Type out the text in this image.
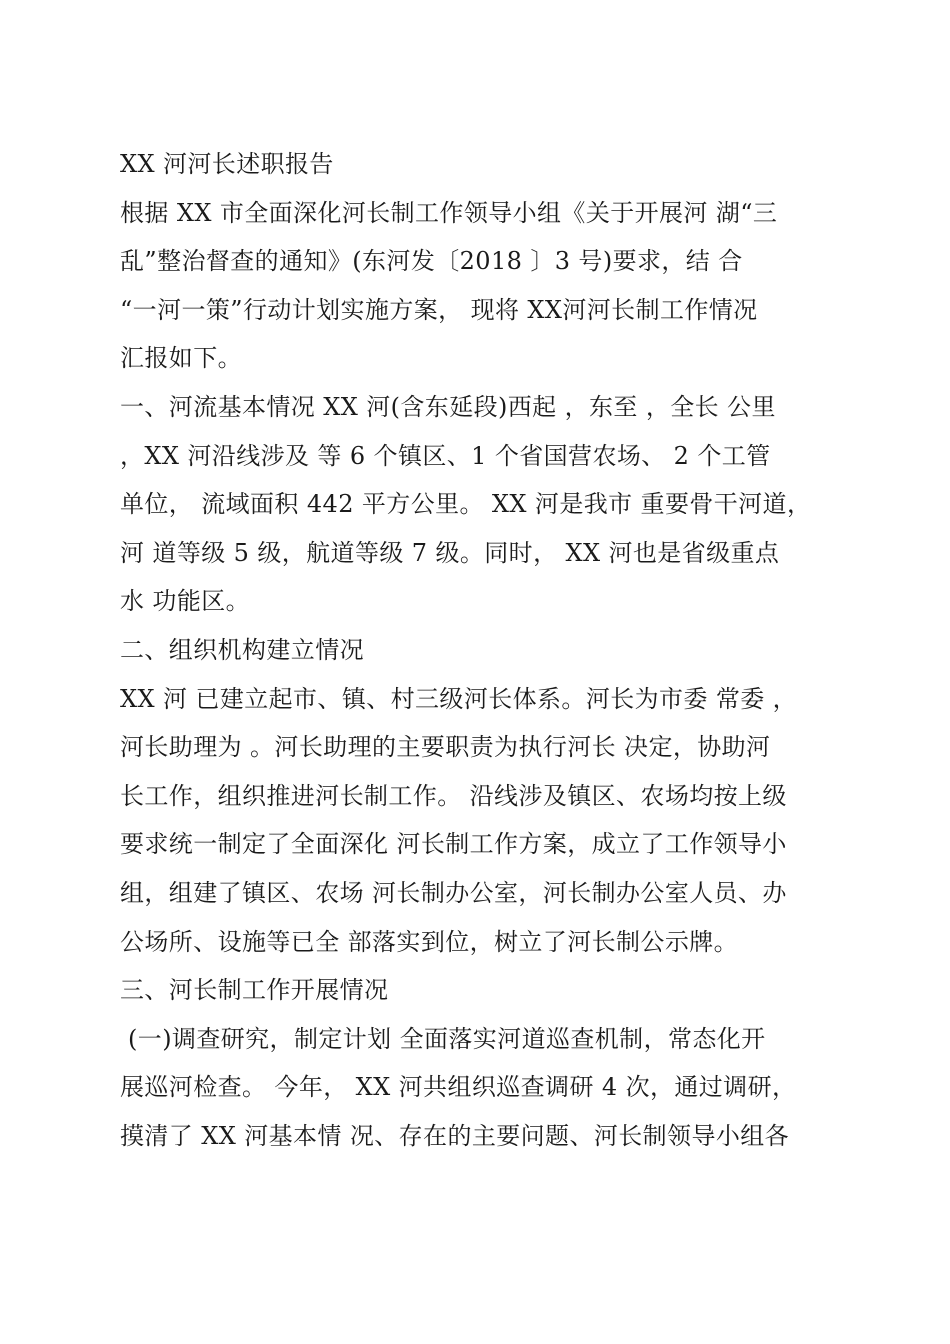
XX 河河长述职报告
根据 XX 市全面深化河长制工作领导小组《关于开展河 湖“三
乱”整治督查的通知》(东河发〔2018 〕3 号)要求，结 合
“一河一策”行动计划实施方案， 现将 XX河河长制工作情况
汇报如下。
一、河流基本情况 XX 河(含东延段)西起 ，东至 ，全长 公里
，XX 河沿线涉及 等 6 个镇区、1 个省国营农场、 2 个工管
单位， 流域面积 442 平方公里。 XX 河是我市 重要骨干河道，
河 道等级 5 级，航道等级 7 级。同时， XX 河也是省级重点
水 功能区。
二、组织机构建立情况
XX 河 已建立起市、镇、村三级河长体系。河长为市委 常委 ，
河长助理为 。河长助理的主要职责为执行河长 决定，协助河
长工作，组织推进河长制工作。 沿线涉及镇区、农场均按上级
要求统一制定了全面深化 河长制工作方案，成立了工作领导小
组，组建了镇区、农场 河长制办公室，河长制办公室人员、办
公场所、设施等已全 部落实到位，树立了河长制公示牌。
三、河长制工作开展情况
(一)调查研究，制定计划 全面落实河道巡查机制，常态化开
展巡河检查。 今年， XX 河共组织巡查调研 4 次，通过调研，
摸清了 XX 河基本情 况、存在的主要问题、河长制领导小组各
